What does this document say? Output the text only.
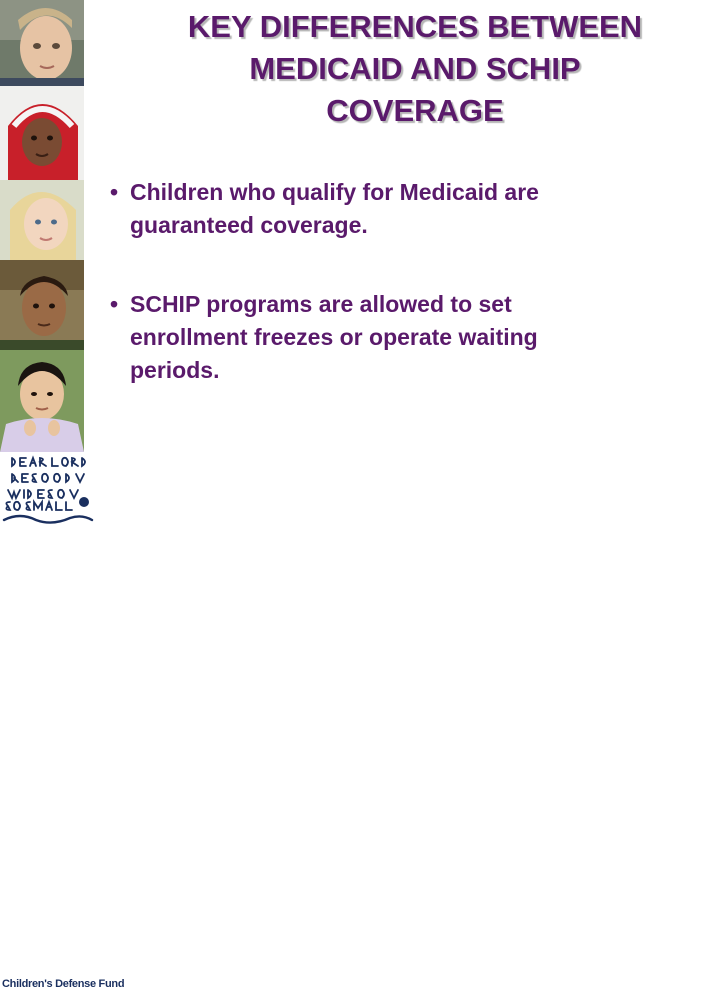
Children's Defense Fund
KEY DIFFERENCES BETWEEN
MEDICAID AND SCHIP
COVERAGE
• Children who qualify for Medicaid are
guaranteed coverage.
• SCHIP programs are allowed to set
enrollment freezes or operate waiting
periods.
